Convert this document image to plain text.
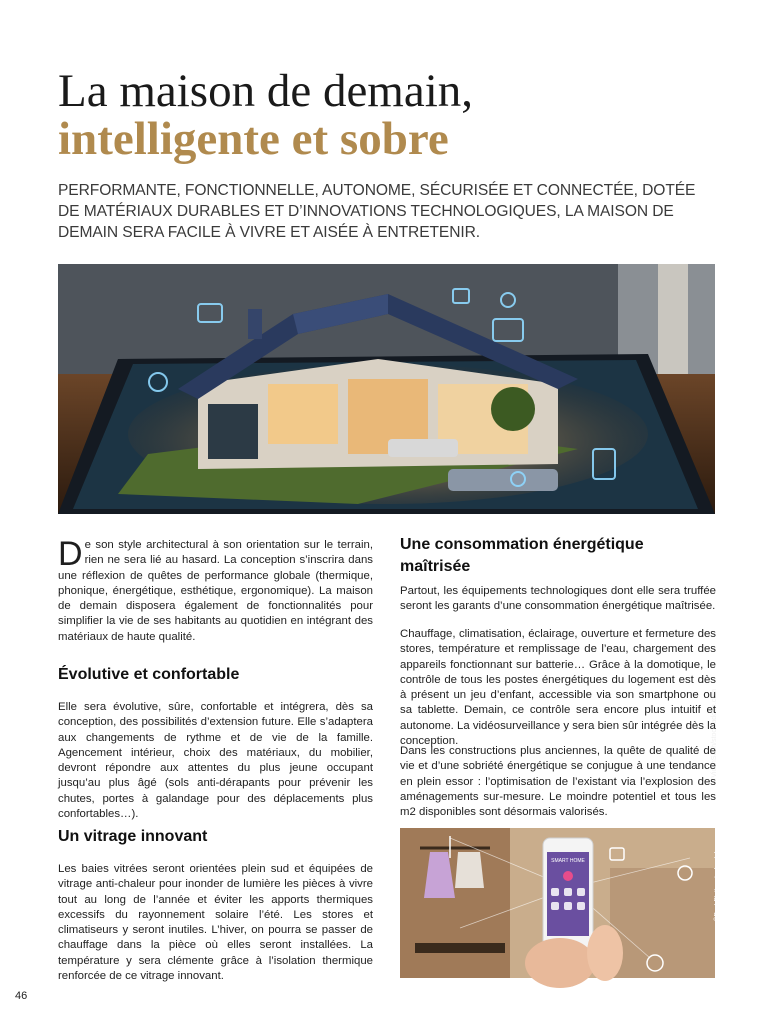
La maison de demain,
intelligente et sobre

PERFORMANTE, FONCTIONNELLE, AUTONOME, SÉCURISÉE ET CONNECTÉE, DOTÉE DE MATÉRIAUX DURABLES ET D’INNOVATIONS TECHNOLOGIQUES, LA MAISON DE DEMAIN SERA FACILE À VIVRE ET AISÉE À ENTRETENIR.

©VicenSanh/stock.adobe.com

De son style architectural à son orientation sur le terrain, rien ne sera lié au hasard. La conception s’inscrira dans une réflexion de quêtes de performance globale (thermique, phonique, énergétique, esthétique, ergonomique). La maison de demain disposera également de fonctionnalités pour simplifier la vie de ses habitants au quotidien en intégrant des matériaux de haute qualité.

Évolutive et confortable

Elle sera évolutive, sûre, confortable et intégrera, dès sa conception, des possibilités d’extension future. Elle s’adaptera aux changements de rythme et de vie de la famille. Agencement intérieur, choix des matériaux, du mobilier, devront répondre aux attentes du plus jeune occupant jusqu’au plus âgé (sols anti-dérapants pour prévenir les chutes, portes à galandage pour des déplacements plus confortables…).

Un vitrage innovant

Les baies vitrées seront orientées plein sud et équipées de vitrage anti-chaleur pour inonder de lumière les pièces à vivre tout au long de l’année et éviter les apports thermiques excessifs du rayonnement solaire l’été. Les stores et climatiseurs y seront inutiles. L’hiver, on pourra se passer de chauffage dans la pièce où elles seront installées. La température y sera clémente grâce à l’isolation thermique renforcée de ce vitrage innovant.

Une consommation énergétique maîtrisée

Partout, les équipements technologiques dont elle sera truffée seront les garants d’une consommation énergétique maîtrisée.

Chauffage, climatisation, éclairage, ouverture et fermeture des stores, température et remplissage de l’eau, chargement des appareils fonctionnant sur batterie… Grâce à la domotique, le contrôle de tous les postes énergétiques du logement est dès à présent un jeu d’enfant, accessible via son smartphone ou sa tablette. Demain, ce contrôle sera encore plus intuitif et autonome. La vidéosurveillance y sera bien sûr intégrée dès la conception.

Dans les constructions plus anciennes, la quête de qualité de vie et d’une sobriété énergétique se conjugue à une tendance en plein essor : l’optimisation de l’existant via l’explosion des aménagements sur-mesure. Le moindre potentiel et tous les m2 disponibles sont désormais valorisés.

SMART HOME	©Paul-Blatt – stock.adobe.com
46
